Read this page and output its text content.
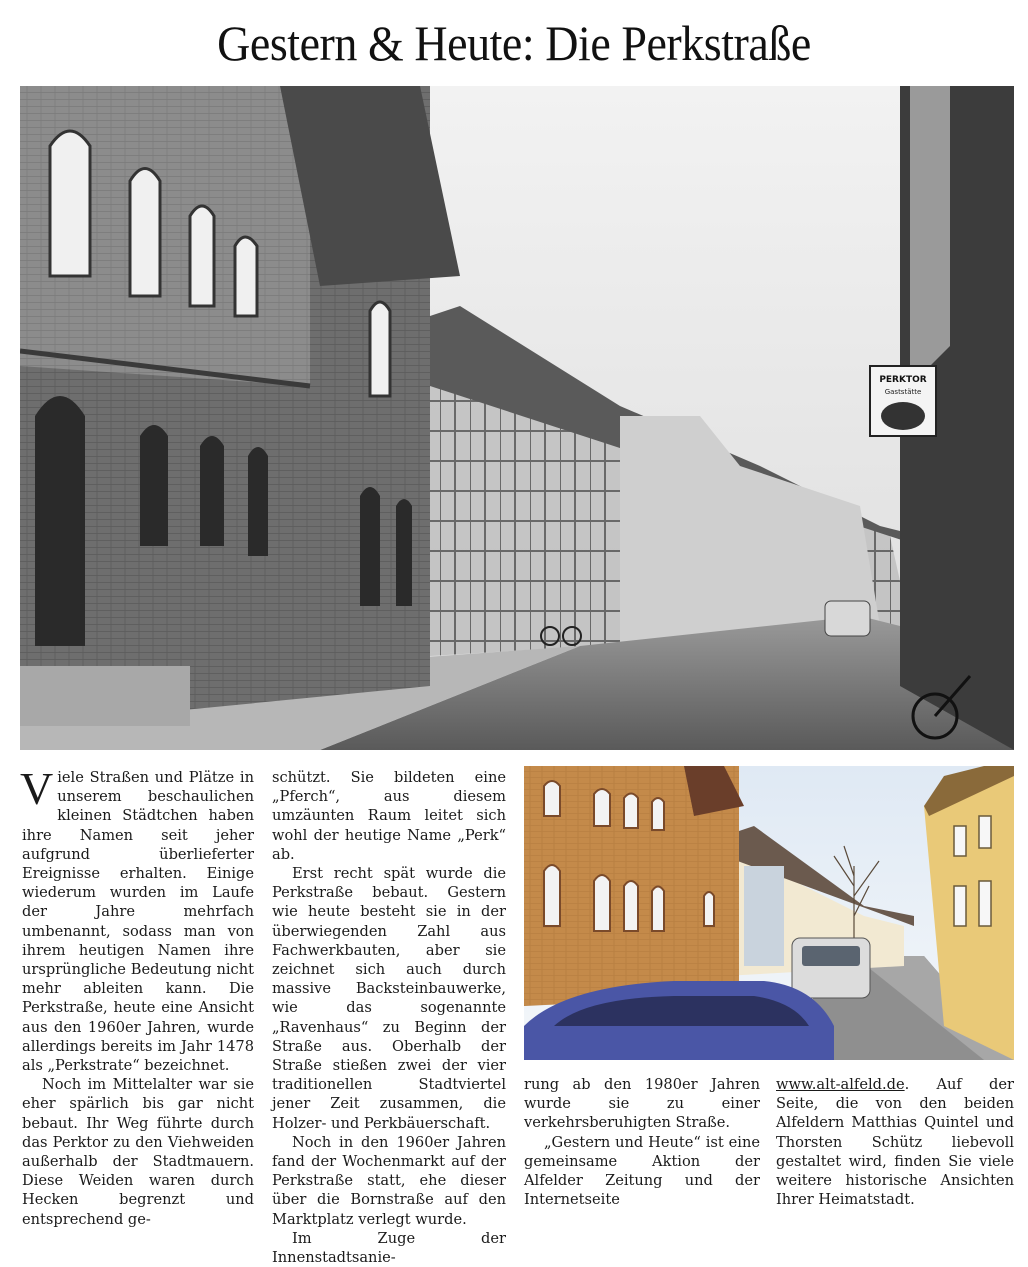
Gestern & Heute: Die Perkstraße
PERKTOR
Gaststätte

Viele Straßen und Plätze in unserem beschaulichen kleinen Städtchen haben ihre Namen seit jeher aufgrund überlieferter Ereignisse erhalten. Einige wiederum wurden im Laufe der Jahre mehrfach umbenannt, sodass man von ihrem heutigen Namen ihre ursprüngliche Bedeutung nicht mehr ableiten kann. Die Perkstraße, heute eine Ansicht aus den 1960er Jahren, wurde allerdings bereits im Jahr 1478 als „Perkstrate“ bezeichnet.

Noch im Mittelalter war sie eher spärlich bis gar nicht bebaut. Ihr Weg führte durch das Perktor zu den Viehweiden außerhalb der Stadtmauern. Diese Weiden waren durch Hecken begrenzt und entsprechend ge-

schützt. Sie bildeten eine „Pferch“, aus diesem umzäunten Raum leitet sich wohl der heutige Name „Perk“ ab.

Erst recht spät wurde die Perkstraße bebaut. Gestern wie heute besteht sie in der überwiegenden Zahl aus Fachwerkbauten, aber sie zeichnet sich auch durch massive Backsteinbauwerke, wie das sogenannte „Ravenhaus“ zu Beginn der Straße aus. Oberhalb der Straße stießen zwei der vier traditionellen Stadtviertel jener Zeit zusammen, die Holzer- und Perkbäuerschaft.

Noch in den 1960er Jahren fand der Wochenmarkt auf der Perkstraße statt, ehe dieser über die Bornstraße auf den Marktplatz verlegt wurde.

Im Zuge der Innenstadtsanie-

rung ab den 1980er Jahren wurde sie zu einer verkehrsberuhigten Straße.

„Gestern und Heute“ ist eine gemeinsame Aktion der Alfelder Zeitung und der Internetseite

www.alt-alfeld.de. Auf der Seite, die von den beiden Alfeldern Matthias Quintel und Thorsten Schütz liebevoll gestaltet wird, finden Sie viele weitere historische Ansichten Ihrer Heimatstadt.
